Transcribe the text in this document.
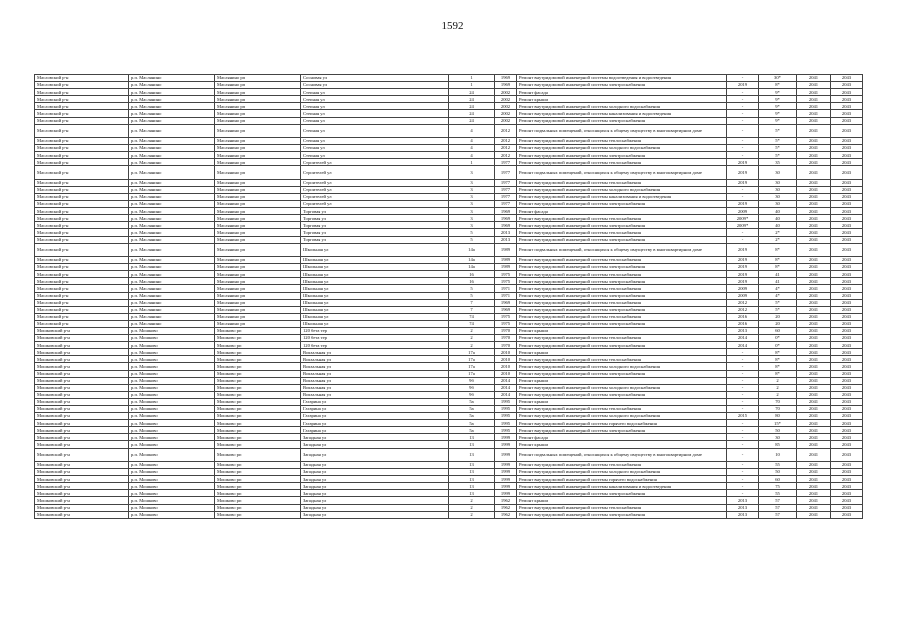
1592
Масловский р-н	р.п. Маслянино	Маслянино рп	Сосновая ул	1	1969	Ремонт внутридомовой инженерной системы водоотведения и водоотведения	-	30*	2041	2043
Масловский р-н	р.п. Маслянино	Маслянино рп	Сосновая ул	1	1969	Ремонт внутридомовой инженерной системы электроснабжения	2019	8*	2041	2043
Масловский р-н	р.п. Маслянино	Маслянино рп	Степная ул	24	2002	Ремонт фасада	-	9*	2041	2043
Масловский р-н	р.п. Маслянино	Маслянино рп	Степная ул	24	2002	Ремонт крыши	-	9*	2041	2043
Масловский р-н	р.п. Маслянино	Маслянино рп	Степная ул	24	2002	Ремонт внутридомовой инженерной системы холодного водоснабжения	-	9*	2041	2043
Масловский р-н	р.п. Маслянино	Маслянино рп	Степная ул	24	2002	Ремонт внутридомовой инженерной системы канализования и водоотведения	-	9*	2041	2043
Масловский р-н	р.п. Маслянино	Маслянино рп	Степная ул	24	2002	Ремонт внутридомовой инженерной системы электроснабжения	-	9*	2041	2043
Масловский р-н	р.п. Маслянино	Маслянино рп	Степная ул	4	2012	Ремонт подвальных помещений, относящихся к общему имуществу в многоквартирном доме	-	5*	2041	2043
Масловский р-н	р.п. Маслянино	Маслянино рп	Степная ул	4	2012	Ремонт внутридомовой инженерной системы теплоснабжения	-	5*	2041	2043
Масловский р-н	р.п. Маслянино	Маслянино рп	Степная ул	4	2012	Ремонт внутридомовой инженерной системы холодного водоснабжения	-	5*	2041	2043
Масловский р-н	р.п. Маслянино	Маслянино рп	Степная ул	4	2012	Ремонт внутридомовой инженерной системы электроснабжения	-	5*	2041	2043
Масловский р-н	р.п. Маслянино	Маслянино рп	Строителей ул	1	1977	Ремонт внутридомовой инженерной системы теплоснабжения	2019	35	2041	2043
Масловский р-н	р.п. Маслянино	Маслянино рп	Строителей ул	3	1977	Ремонт подвальных помещений, относящихся к общему имуществу в многоквартирном доме	2019	30	2041	2043
Масловский р-н	р.п. Маслянино	Маслянино рп	Строителей ул	3	1977	Ремонт внутридомовой инженерной системы теплоснабжения	2019	30	2041	2043
Масловский р-н	р.п. Маслянино	Маслянино рп	Строителей ул	3	1977	Ремонт внутридомовой инженерной системы холодного водоснабжения	-	30	2041	2043
Масловский р-н	р.п. Маслянино	Маслянино рп	Строителей ул	3	1977	Ремонт внутридомовой инженерной системы канализования и водоотведения	-	30	2041	2043
Масловский р-н	р.п. Маслянино	Маслянино рп	Строителей ул	3	1977	Ремонт внутридомовой инженерной системы электроснабжения	2019	30	2041	2043
Масловский р-н	р.п. Маслянино	Маслянино рп	Торговая ул	3	1969	Ремонт фасада	2009	40	2041	2043
Масловский р-н	р.п. Маслянино	Маслянино рп	Торговая ул	3	1969	Ремонт внутридомовой инженерной системы теплоснабжения	2009*	40	2041	2043
Масловский р-н	р.п. Маслянино	Маслянино рп	Торговая ул	3	1969	Ремонт внутридомовой инженерной системы электроснабжения	2009*	40	2041	2043
Масловский р-н	р.п. Маслянино	Маслянино рп	Торговая ул	5	2013	Ремонт внутридомовой инженерной системы теплоснабжения	-	2*	2041	2043
Масловский р-н	р.п. Маслянино	Маслянино рп	Торговая ул	5	2013	Ремонт внутридомовой инженерной системы электроснабжения	-	2*	2041	2043
Масловский р-н	р.п. Маслянино	Маслянино рп	Школьная ул	14а	1989	Ремонт подвальных помещений, относящихся к общему имуществу в многоквартирном доме	2019	8*	2041	2043
Масловский р-н	р.п. Маслянино	Маслянино рп	Школьная ул	14а	1989	Ремонт внутридомовой инженерной системы теплоснабжения	2019	8*	2041	2043
Масловский р-н	р.п. Маслянино	Маслянино рп	Школьная ул	14а	1989	Ремонт внутридомовой инженерной системы электроснабжения	2019	8*	2041	2043
Масловский р-н	р.п. Маслянино	Маслянино рп	Школьная ул	16	1975	Ремонт внутридомовой инженерной системы теплоснабжения	2019	41	2041	2043
Масловский р-н	р.п. Маслянино	Маслянино рп	Школьная ул	16	1975	Ремонт внутридомовой инженерной системы электроснабжения	2019	41	2041	2043
Масловский р-н	р.п. Маслянино	Маслянино рп	Школьная ул	5	1971	Ремонт внутридомовой инженерной системы теплоснабжения	2009	4*	2041	2043
Масловский р-н	р.п. Маслянино	Маслянино рп	Школьная ул	5	1971	Ремонт внутридомовой инженерной системы электроснабжения	2009	4*	2041	2043
Масловский р-н	р.п. Маслянино	Маслянино рп	Школьная ул	7	1969	Ремонт внутридомовой инженерной системы теплоснабжения	2012	5*	2041	2043
Масловский р-н	р.п. Маслянино	Маслянино рп	Школьная ул	7	1969	Ремонт внутридомовой инженерной системы электроснабжения	2012	5*	2041	2043
Масловский р-н	р.п. Маслянино	Маслянино рп	Школьная ул	74	1975	Ремонт внутридомовой инженерной системы теплоснабжения	2016	20	2041	2043
Масловский р-н	р.п. Маслянино	Маслянино рп	Школьная ул	74	1975	Ремонт внутридомовой инженерной системы электроснабжения	2016	20	2041	2043
Мошковский р-н	р.п. Мошково	Мошково рп	120 бета тер	2	1970	Ремонт крыши	2013	60	2041	2043
Мошковский р-н	р.п. Мошково	Мошково рп	120 бета тер	2	1970	Ремонт внутридомовой инженерной системы теплоснабжения	2014	0*	2041	2043
Мошковский р-н	р.п. Мошково	Мошково рп	120 бета тер	2	1970	Ремонт внутридомовой инженерной системы электроснабжения	2014	0*	2041	2043
Мошковский р-н	р.п. Мошково	Мошково рп	Вокзальная ул	17а	2010	Ремонт крыши	-	8*	2041	2043
Мошковский р-н	р.п. Мошково	Мошково рп	Вокзальная ул	17а	2010	Ремонт внутридомовой инженерной системы теплоснабжения	-	8*	2041	2043
Мошковский р-н	р.п. Мошково	Мошково рп	Вокзальная ул	17а	2010	Ремонт внутридомовой инженерной системы холодного водоснабжения	-	8*	2041	2043
Мошковский р-н	р.п. Мошково	Мошково рп	Вокзальная ул	17а	2010	Ремонт внутридомовой инженерной системы электроснабжения	-	8*	2041	2043
Мошковский р-н	р.п. Мошково	Мошково рп	Вокзальная ул	9б	2014	Ремонт крыши	-	2	2041	2043
Мошковский р-н	р.п. Мошково	Мошково рп	Вокзальная ул	9б	2014	Ремонт внутридомовой инженерной системы холодного водоснабжения	-	2	2041	2043
Мошковский р-н	р.п. Мошково	Мошково рп	Вокзальная ул	9б	2014	Ремонт внутридомовой инженерной системы электроснабжения	-	2	2041	2043
Мошковский р-н	р.п. Мошково	Мошково рп	Гагарина ул	5а	1995	Ремонт крыши	-	70	2041	2043
Мошковский р-н	р.п. Мошково	Мошково рп	Гагарина ул	5а	1995	Ремонт внутридомовой инженерной системы теплоснабжения	-	70	2041	2043
Мошковский р-н	р.п. Мошково	Мошково рп	Гагарина ул	5а	1995	Ремонт внутридомовой инженерной системы холодного водоснабжения	2015	80	2041	2043
Мошковский р-н	р.п. Мошково	Мошково рп	Гагарина ул	5а	1995	Ремонт внутридомовой инженерной системы горячего водоснабжения	-	15*	2041	2043
Мошковский р-н	р.п. Мошково	Мошково рп	Гагарина ул	5а	1995	Ремонт внутридомовой инженерной системы электроснабжения	-	50	2041	2043
Мошковский р-н	р.п. Мошково	Мошково рп	Западная ул	13	1999	Ремонт фасада	-	30	2041	2043
Мошковский р-н	р.п. Мошково	Мошково рп	Западная ул	13	1999	Ремонт крыши	-	85	2041	2043
Мошковский р-н	р.п. Мошково	Мошково рп	Западная ул	13	1999	Ремонт подвальных помещений, относящихся к общему имуществу в многоквартирном доме	-	10	2041	2043
Мошковский р-н	р.п. Мошково	Мошково рп	Западная ул	13	1999	Ремонт внутридомовой инженерной системы теплоснабжения	-	55	2041	2043
Мошковский р-н	р.п. Мошково	Мошково рп	Западная ул	13	1999	Ремонт внутридомовой инженерной системы холодного водоснабжения	-	50	2041	2043
Мошковский р-н	р.п. Мошково	Мошково рп	Западная ул	13	1999	Ремонт внутридомовой инженерной системы горячего водоснабжения	-	60	2041	2043
Мошковский р-н	р.п. Мошково	Мошково рп	Западная ул	13	1999	Ремонт внутридомовой инженерной системы канализования и водоотведения	-	75	2041	2043
Мошковский р-н	р.п. Мошково	Мошково рп	Западная ул	13	1999	Ремонт внутридомовой инженерной системы электроснабжения	-	55	2041	2043
Мошковский р-н	р.п. Мошково	Мошково рп	Западная ул	2	1962	Ремонт крыши	2013	57	2041	2043
Мошковский р-н	р.п. Мошково	Мошково рп	Западная ул	2	1962	Ремонт внутридомовой инженерной системы теплоснабжения	2013	57	2041	2043
Мошковский р-н	р.п. Мошково	Мошково рп	Западная ул	2	1962	Ремонт внутридомовой инженерной системы электроснабжения	2013	57	2041	2043
